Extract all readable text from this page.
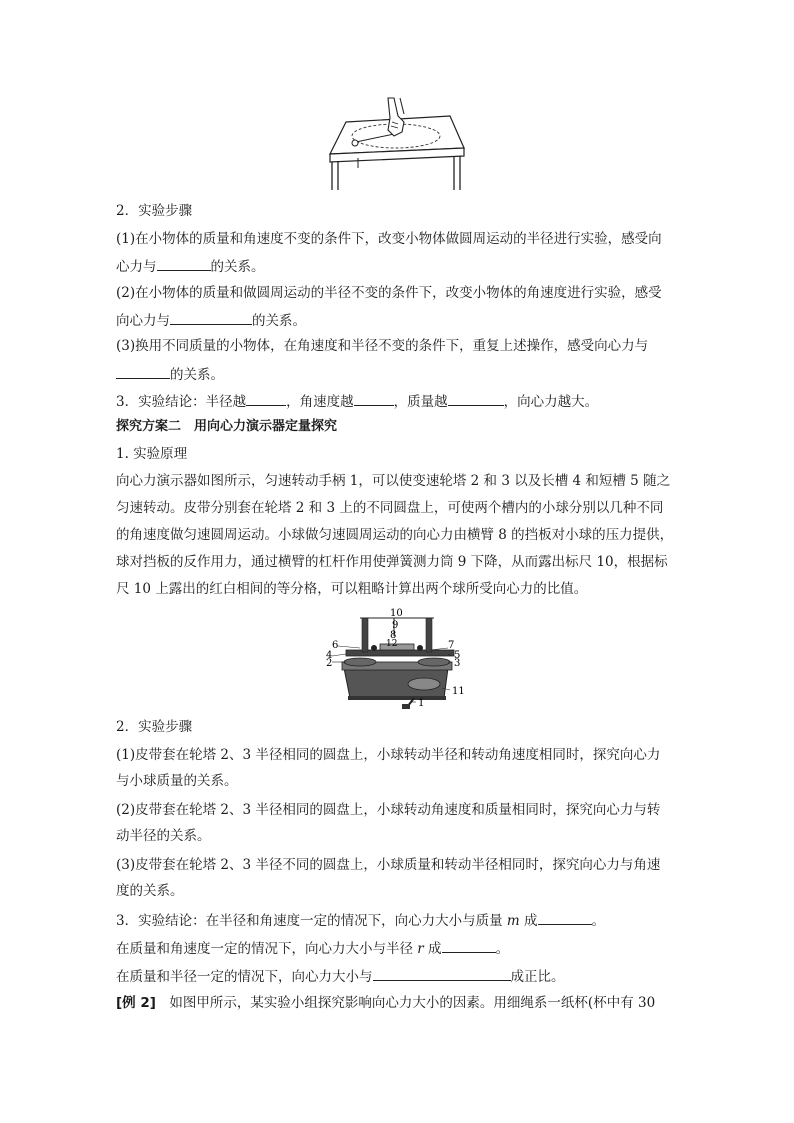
2．实验步骤
(1)在小物体的质量和角速度不变的条件下，改变小物体做圆周运动的半径进行实验，感受向
心力与	的关系。
(2)在小物体的质量和做圆周运动的半径不变的条件下，改变小物体的角速度进行实验，感受
向心力与	的关系。
(3)换用不同质量的小物体，在角速度和半径不变的条件下，重复上述操作，感受向心力与
的关系。
3．实验结论：半径越	，角速度越	，质量越	，向心力越大。
探究方案二　用向心力演示器定量探究
1. 实验原理
向心力演示器如图所示，匀速转动手柄 1，可以使变速轮塔 2 和 3 以及长槽 4 和短槽 5 随之
匀速转动。皮带分别套在轮塔 2 和 3 上的不同圆盘上，可使两个槽内的小球分别以几种不同
的角速度做匀速圆周运动。小球做匀速圆周运动的向心力由横臂 8 的挡板对小球的压力提供，
球对挡板的反作用力，通过横臂的杠杆作用使弹簧测力筒 9 下降，从而露出标尺 10，根据标
尺 10 上露出的红白相间的等分格，可以粗略计算出两个球所受向心力的比值。
10
9
8
6	7
12
4	5
2	3
11
1
2．实验步骤
(1)皮带套在轮塔 2、3 半径相同的圆盘上，小球转动半径和转动角速度相同时，探究向心力
与小球质量的关系。
(2)皮带套在轮塔 2、3 半径相同的圆盘上，小球转动角速度和质量相同时，探究向心力与转
动半径的关系。
(3)皮带套在轮塔 2、3 半径不同的圆盘上，小球质量和转动半径相同时，探究向心力与角速
度的关系。
3．实验结论：在半径和角速度一定的情况下，向心力大小与质量 m 成	。
在质量和角速度一定的情况下，向心力大小与半径 r 成	。
在质量和半径一定的情况下，向心力大小与	成正比。
[例 2]　如图甲所示，某实验小组探究影响向心力大小的因素。用细绳系一纸杯(杯中有 30
